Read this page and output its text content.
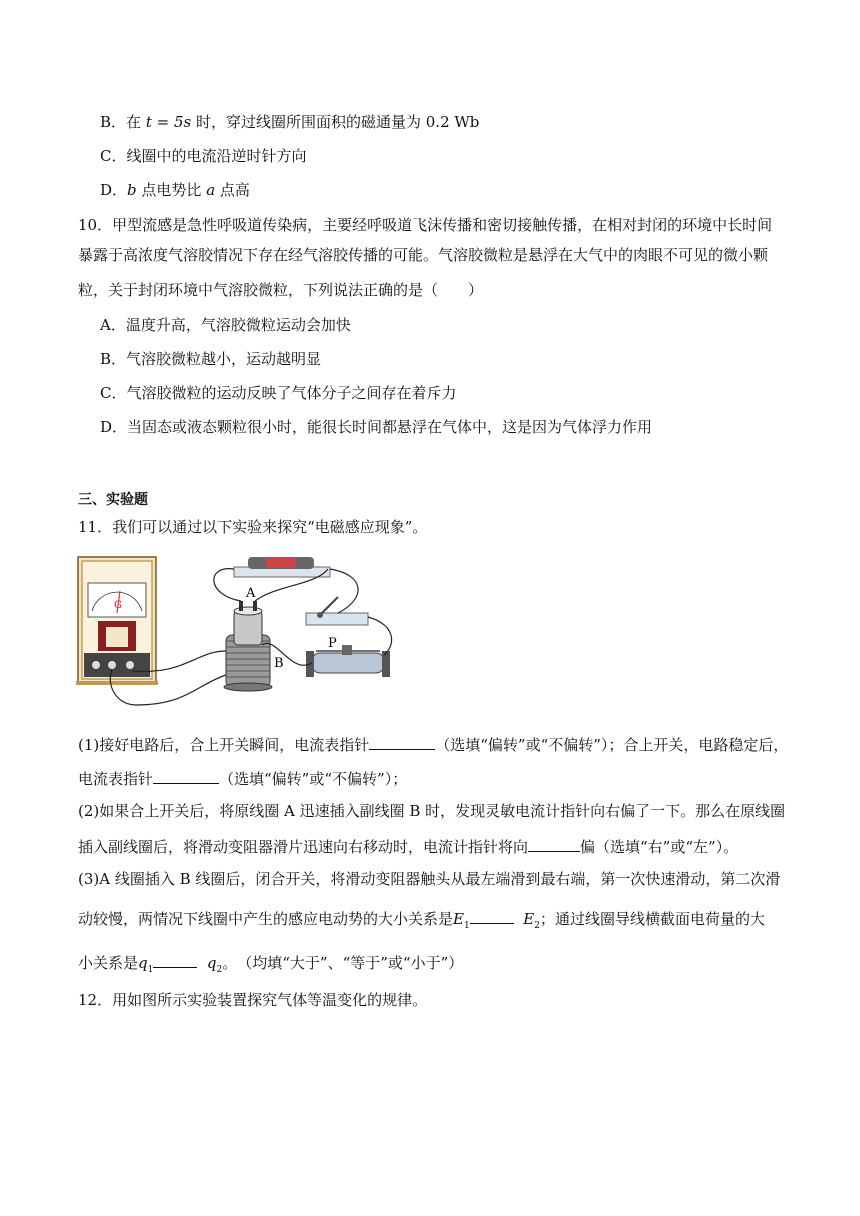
B．在 t = 5s 时，穿过线圈所围面积的磁通量为 0.2 Wb
C．线圈中的电流沿逆时针方向
D．b 点电势比 a 点高
10．甲型流感是急性呼吸道传染病，主要经呼吸道飞沫传播和密切接触传播，在相对封闭的环境中长时间
暴露于高浓度气溶胶情况下存在经气溶胶传播的可能。气溶胶微粒是悬浮在大气中的肉眼不可见的微小颗
粒，关于封闭环境中气溶胶微粒，下列说法正确的是（　　）
A．温度升高，气溶胶微粒运动会加快
B．气溶胶微粒越小，运动越明显
C．气溶胶微粒的运动反映了气体分子之间存在着斥力
D．当固态或液态颗粒很小时，能很长时间都悬浮在气体中，这是因为气体浮力作用
三、实验题
11．我们可以通过以下实验来探究“电磁感应现象”。
G
A
B
P
(1)接好电路后，合上开关瞬间，电流表指针	（选填“偏转”或“不偏转”）；合上开关，电路稳定后，
电流表指针	（选填“偏转”或“不偏转”）；
(2)如果合上开关后，将原线圈 A 迅速插入副线圈 B 时，发现灵敏电流计指针向右偏了一下。那么在原线圈
插入副线圈后，将滑动变阻器滑片迅速向右移动时，电流计指针将向	偏（选填“右”或“左”）。
(3)A 线圈插入 B 线圈后，闭合开关，将滑动变阻器触头从最左端滑到最右端，第一次快速滑动，第二次滑
动较慢，两情况下线圈中产生的感应电动势的大小关系是$E_1$	$E_2$；通过线圈导线横截面电荷量的大
小关系是$q_1$	$q_2$。　（均填“大于”、“等于”或“小于”）
12．用如图所示实验装置探究气体等温变化的规律。
